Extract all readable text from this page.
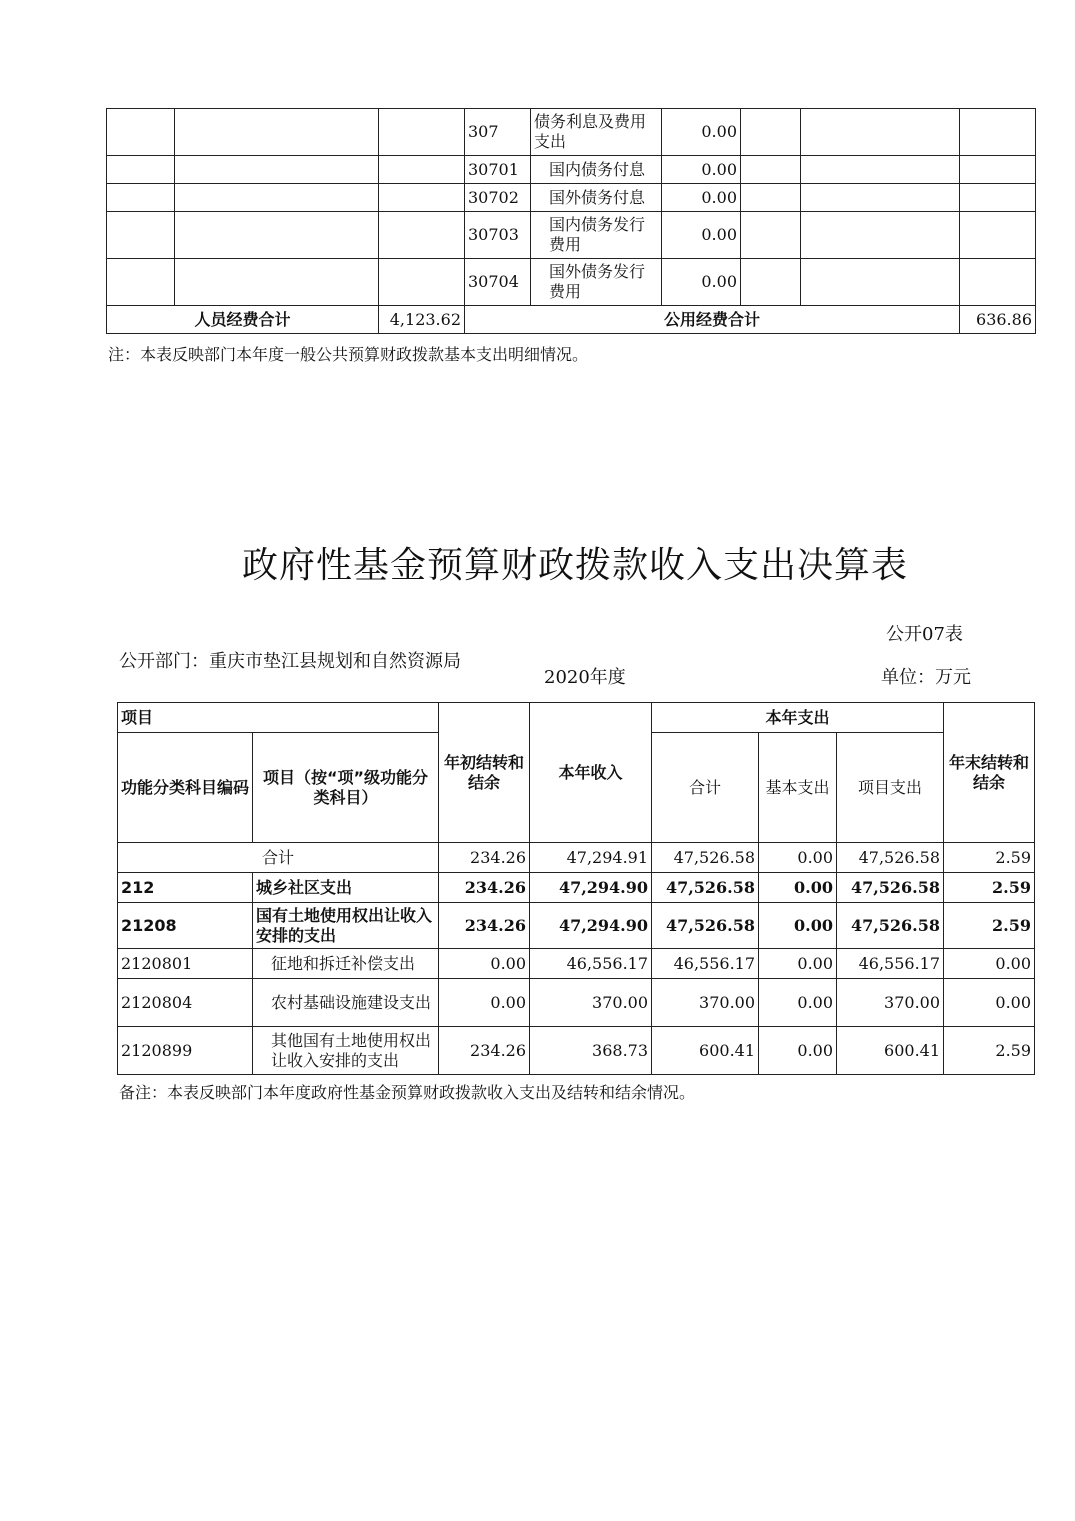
			307	债务利息及费用支出	0.00			
			30701	国内债务付息	0.00			
			30702	国外债务付息	0.00			
			30703	国内债务发行费用	0.00			
			30704	国外债务发行费用	0.00			
人员经费合计		4,123.62	公用经费合计					636.86
注：本表反映部门本年度一般公共预算财政拨款基本支出明细情况。
政府性基金预算财政拨款收入支出决算表
公开07表
公开部门：重庆市垫江县规划和自然资源局
2020年度	单位：万元
项目		年初结转和结余	本年收入	本年支出			年末结转和结余
功能分类科目编码	项目（按“项”级功能分类科目）			合计	基本支出	项目支出	
合计		234.26	47,294.91	47,526.58	0.00	47,526.58	2.59
212	城乡社区支出	234.26	47,294.90	47,526.58	0.00	47,526.58	2.59
21208	国有土地使用权出让收入安排的支出	234.26	47,294.90	47,526.58	0.00	47,526.58	2.59
2120801	征地和拆迁补偿支出	0.00	46,556.17	46,556.17	0.00	46,556.17	0.00
2120804	农村基础设施建设支出	0.00	370.00	370.00	0.00	370.00	0.00
2120899	其他国有土地使用权出让收入安排的支出	234.26	368.73	600.41	0.00	600.41	2.59
备注：本表反映部门本年度政府性基金预算财政拨款收入支出及结转和结余情况。
